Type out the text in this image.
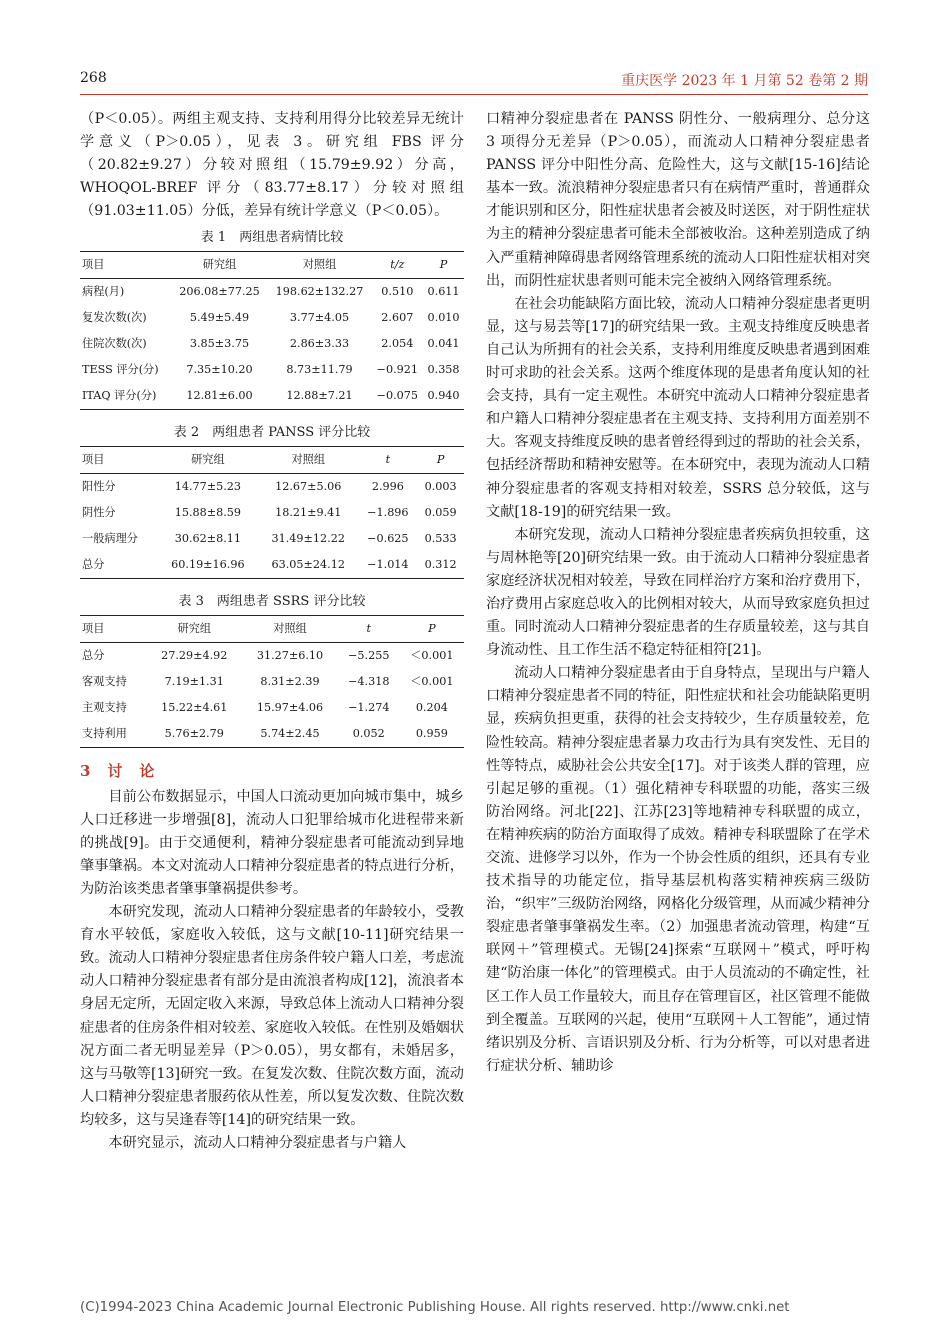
268	重庆医学 2023 年 1 月第 52 卷第 2 期

（P＜0.05）。两组主观支持、支持利用得分比较差异无统计学意义（P＞0.05），见表 3。研究组 FBS 评分（20.82±9.27）分较对照组（15.79±9.92）分高，WHOQOL-BREF 评分（83.77±8.17）分较对照组（91.03±11.05）分低，差异有统计学意义（P＜0.05）。

表 1　两组患者病情比较
项目	研究组	对照组	t/z	P
病程(月)	206.08±77.25	198.62±132.27	0.510	0.611
复发次数(次)	5.49±5.49	3.77±4.05	2.607	0.010
住院次数(次)	3.85±3.75	2.86±3.33	2.054	0.041
TESS 评分(分)	7.35±10.20	8.73±11.79	−0.921	0.358
ITAQ 评分(分)	12.81±6.00	12.88±7.21	−0.075	0.940
表 2　两组患者 PANSS 评分比较
项目	研究组	对照组	t	P
阳性分	14.77±5.23	12.67±5.06	2.996	0.003
阴性分	15.88±8.59	18.21±9.41	−1.896	0.059
一般病理分	30.62±8.11	31.49±12.22	−0.625	0.533
总分	60.19±16.96	63.05±24.12	−1.014	0.312
表 3　两组患者 SSRS 评分比较
项目	研究组	对照组	t	P
总分	27.29±4.92	31.27±6.10	−5.255	＜0.001
客观支持	7.19±1.31	8.31±2.39	−4.318	＜0.001
主观支持	15.22±4.61	15.97±4.06	−1.274	0.204
支持利用	5.76±2.79	5.74±2.45	0.052	0.959
3　讨　论

目前公布数据显示，中国人口流动更加向城市集中，城乡人口迁移进一步增强[8]，流动人口犯罪给城市化进程带来新的挑战[9]。由于交通便利，精神分裂症患者可能流动到异地肇事肇祸。本文对流动人口精神分裂症患者的特点进行分析，为防治该类患者肇事肇祸提供参考。

本研究发现，流动人口精神分裂症患者的年龄较小，受教育水平较低，家庭收入较低，这与文献[10-11]研究结果一致。流动人口精神分裂症患者住房条件较户籍人口差，考虑流动人口精神分裂症患者有部分是由流浪者构成[12]，流浪者本身居无定所，无固定收入来源，导致总体上流动人口精神分裂症患者的住房条件相对较差、家庭收入较低。在性别及婚姻状况方面二者无明显差异（P＞0.05），男女都有，未婚居多，这与马敬等[13]研究一致。在复发次数、住院次数方面，流动人口精神分裂症患者服药依从性差，所以复发次数、住院次数均较多，这与吴逢春等[14]的研究结果一致。

本研究显示，流动人口精神分裂症患者与户籍人

口精神分裂症患者在 PANSS 阴性分、一般病理分、总分这 3 项得分无差异（P＞0.05），而流动人口精神分裂症患者 PANSS 评分中阳性分高、危险性大，这与文献[15-16]结论基本一致。流浪精神分裂症患者只有在病情严重时，普通群众才能识别和区分，阳性症状患者会被及时送医，对于阴性症状为主的精神分裂症患者可能未全部被收治。这种差别造成了纳入严重精神障碍患者网络管理系统的流动人口阳性症状相对突出，而阴性症状患者则可能未完全被纳入网络管理系统。

在社会功能缺陷方面比较，流动人口精神分裂症患者更明显，这与易芸等[17]的研究结果一致。主观支持维度反映患者自己认为所拥有的社会关系，支持利用维度反映患者遇到困难时可求助的社会关系。这两个维度体现的是患者角度认知的社会支持，具有一定主观性。本研究中流动人口精神分裂症患者和户籍人口精神分裂症患者在主观支持、支持利用方面差别不大。客观支持维度反映的患者曾经得到过的帮助的社会关系，包括经济帮助和精神安慰等。在本研究中，表现为流动人口精神分裂症患者的客观支持相对较差，SSRS 总分较低，这与文献[18-19]的研究结果一致。

本研究发现，流动人口精神分裂症患者疾病负担较重，这与周林艳等[20]研究结果一致。由于流动人口精神分裂症患者家庭经济状况相对较差，导致在同样治疗方案和治疗费用下，治疗费用占家庭总收入的比例相对较大，从而导致家庭负担过重。同时流动人口精神分裂症患者的生存质量较差，这与其自身流动性、且工作生活不稳定特征相符[21]。

流动人口精神分裂症患者由于自身特点，呈现出与户籍人口精神分裂症患者不同的特征，阳性症状和社会功能缺陷更明显，疾病负担更重，获得的社会支持较少，生存质量较差，危险性较高。精神分裂症患者暴力攻击行为具有突发性、无目的性等特点，威胁社会公共安全[17]。对于该类人群的管理，应引起足够的重视。（1）强化精神专科联盟的功能，落实三级防治网络。河北[22]、江苏[23]等地精神专科联盟的成立，在精神疾病的防治方面取得了成效。精神专科联盟除了在学术交流、进修学习以外，作为一个协会性质的组织，还具有专业技术指导的功能定位，指导基层机构落实精神疾病三级防治，“织牢”三级防治网络，网格化分级管理，从而减少精神分裂症患者肇事肇祸发生率。（2）加强患者流动管理，构建“互联网＋”管理模式。无锡[24]探索“互联网＋”模式，呼吁构建“防治康一体化”的管理模式。由于人员流动的不确定性，社区工作人员工作量较大，而且存在管理盲区，社区管理不能做到全覆盖。互联网的兴起，使用“互联网＋人工智能”，通过情绪识别及分析、言语识别及分析、行为分析等，可以对患者进行症状分析、辅助诊

(C)1994-2023 China Academic Journal Electronic Publishing House. All rights reserved. http://www.cnki.net
